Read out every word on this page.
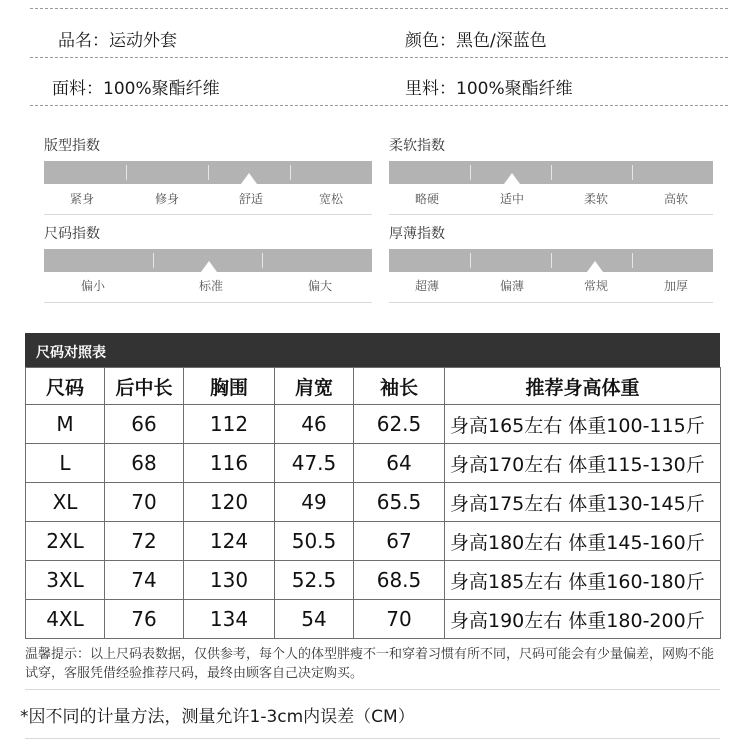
品名：运动外套	颜色：黑色/深蓝色
面料：100%聚酯纤维	里料：100%聚酯纤维
版型指数
紧身	修身	舒适	宽松
柔软指数
略硬	适中	柔软	高软
尺码指数
偏小	标准	偏大
厚薄指数
超薄	偏薄	常规	加厚
尺码对照表
尺码	后中长	胸围	肩宽	袖长	推荐身高体重
M	66	112	46	62.5	身高165左右 体重100-115斤
L	68	116	47.5	64	身高170左右 体重115-130斤
XL	70	120	49	65.5	身高175左右 体重130-145斤
2XL	72	124	50.5	67	身高180左右 体重145-160斤
3XL	74	130	52.5	68.5	身高185左右 体重160-180斤
4XL	76	134	54	70	身高190左右 体重180-200斤
温馨提示：以上尺码表数据，仅供参考，每个人的体型胖瘦不一和穿着习惯有所不同，尺码可能会有少量偏差，网购不能试穿，客服凭借经验推荐尺码，最终由顾客自己决定购买。
*因不同的计量方法，测量允许1-3cm内误差（CM）
